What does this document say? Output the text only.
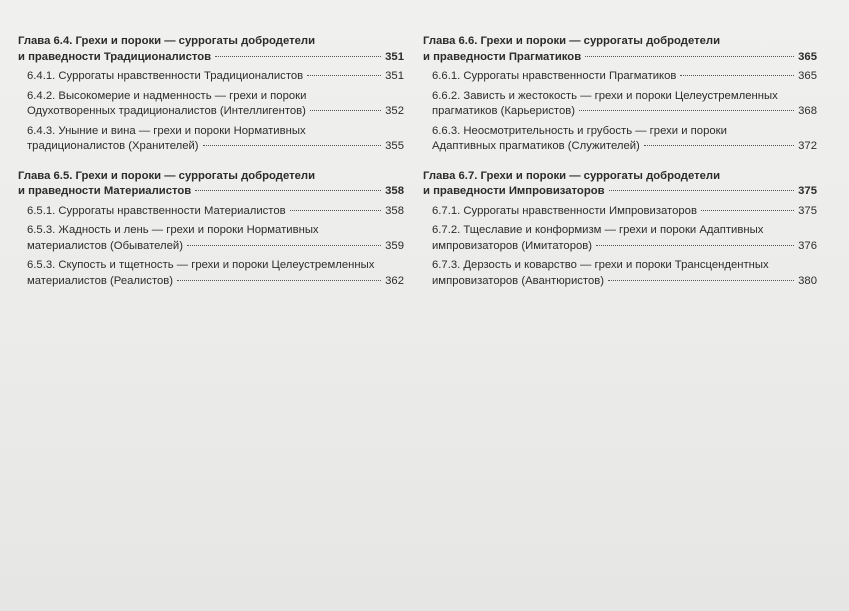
Глава 6.4. Грехи и пороки — суррогаты добродетели
и праведности Традиционалистов	351
6.4.1. Суррогаты нравственности Традиционалистов	351
6.4.2. Высокомерие и надменность — грехи и пороки
Одухотворенных традиционалистов (Интеллигентов)	352
6.4.3. Уныние и вина — грехи и пороки Нормативных
традиционалистов (Хранителей)	355
Глава 6.5. Грехи и пороки — суррогаты добродетели
и праведности Материалистов	358
6.5.1. Суррогаты нравственности Материалистов	358
6.5.3. Жадность и лень — грехи и пороки Нормативных
материалистов (Обывателей)	359
6.5.3. Скупость и тщетность — грехи и пороки Целеустремленных
материалистов (Реалистов)	362
Глава 6.6. Грехи и пороки — суррогаты добродетели
и праведности Прагматиков	365
6.6.1. Суррогаты нравственности Прагматиков	365
6.6.2. Зависть и жестокость — грехи и пороки Целеустремленных
прагматиков (Карьеристов)	368
6.6.3. Неосмотрительность и грубость — грехи и пороки
Адаптивных прагматиков (Служителей)	372
Глава 6.7. Грехи и пороки — суррогаты добродетели
и праведности Импровизаторов	375
6.7.1. Суррогаты нравственности Импровизаторов	375
6.7.2. Тщеславие и конформизм — грехи и пороки Адаптивных
импровизаторов (Имитаторов)	376
6.7.3. Дерзость и коварство — грехи и пороки Трансцендентных
импровизаторов (Авантюристов)	380
